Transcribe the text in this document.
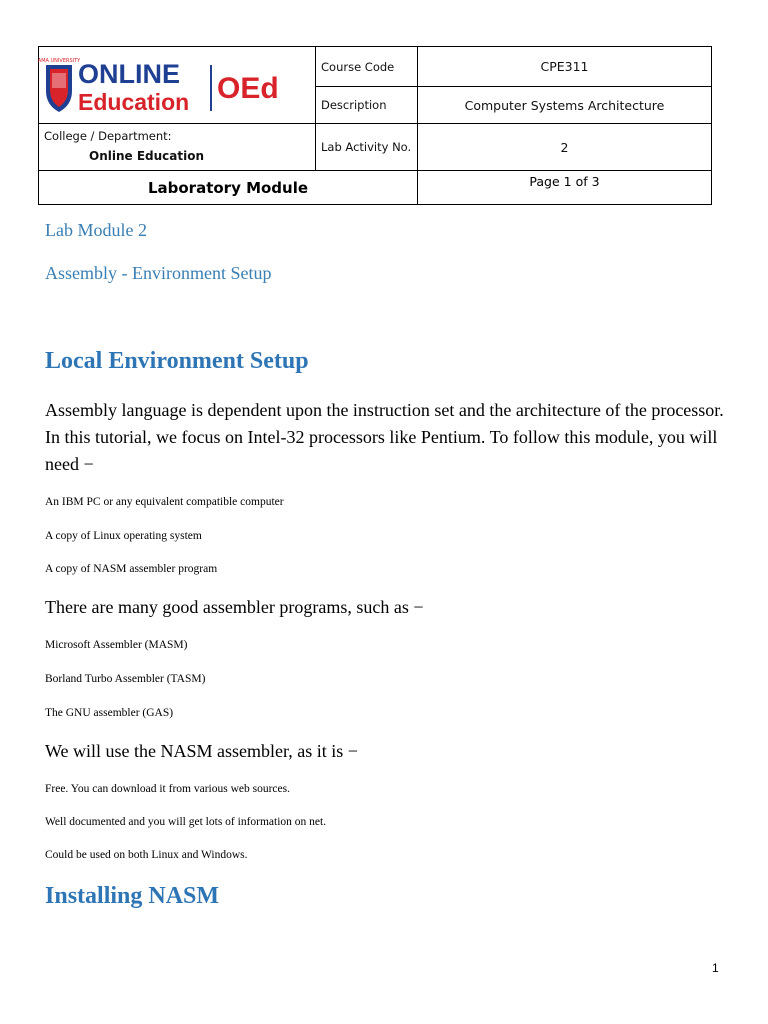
AMA UNIVERSITY
ONLINE
Education OEd	Course Code	CPE311
	Description	Computer Systems Architecture

College / Department:
Online Education	Lab Activity No.	2
Laboratory Module		Page 1 of 3

Lab Module 2

Assembly - Environment Setup

Local Environment Setup

Assembly language is dependent upon the instruction set and the architecture of the processor. In this tutorial, we focus on Intel-32 processors like Pentium. To follow this module, you will need −

An IBM PC or any equivalent compatible computer

A copy of Linux operating system

A copy of NASM assembler program

There are many good assembler programs, such as −

Microsoft Assembler (MASM)

Borland Turbo Assembler (TASM)

The GNU assembler (GAS)

We will use the NASM assembler, as it is −

Free. You can download it from various web sources.

Well documented and you will get lots of information on net.

Could be used on both Linux and Windows.

Installing NASM

1
